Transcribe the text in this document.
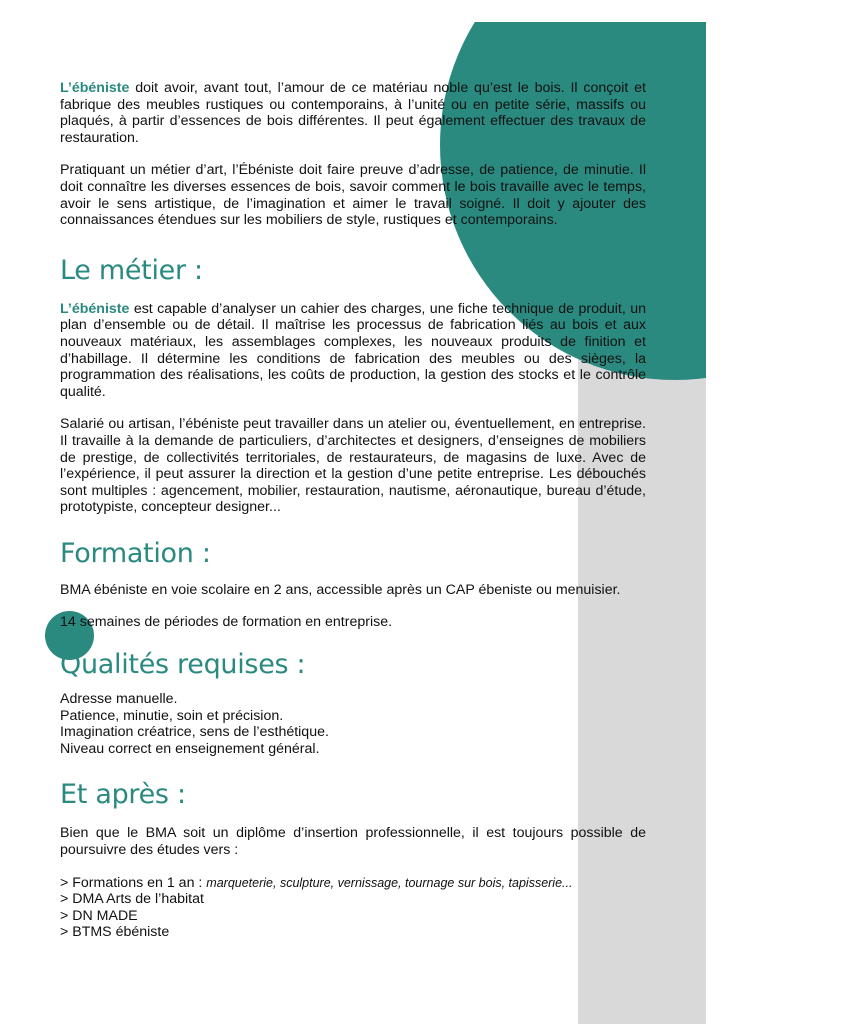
L’ébéniste doit avoir, avant tout, l’amour de ce matériau noble qu’est le bois. Il conçoit et fabrique des meubles rustiques ou contemporains, à l’unité ou en petite série, massifs ou plaqués, à partir d’essences de bois différentes. Il peut également effectuer des travaux de restauration.

Pratiquant un métier d’art, l’Ébéniste doit faire preuve d’adresse, de patience, de minutie. Il doit connaître les diverses essences de bois, savoir comment le bois travaille avec le temps, avoir le sens artistique, de l’imagination et aimer le travail soigné. Il doit y ajouter des connaissances étendues sur les mobiliers de style, rustiques et contemporains.

Le métier :

L’ébéniste est capable d’analyser un cahier des charges, une fiche technique de produit, un plan d’ensemble ou de détail. Il maîtrise les processus de fabrication liés au bois et aux nouveaux matériaux, les assemblages complexes, les nouveaux produits de finition et d’habillage. Il détermine les conditions de fabrication des meubles ou des sièges, la programmation des réalisations, les coûts de production, la gestion des stocks et le contrôle qualité.

Salarié ou artisan, l’ébéniste peut travailler dans un atelier ou, éventuellement, en entreprise. Il travaille à la demande de particuliers, d’architectes et designers, d’enseignes de mobiliers de prestige, de collectivités territoriales, de restaurateurs, de magasins de luxe. Avec de l’expérience, il peut assurer la direction et la gestion d’une petite entreprise. Les débouchés sont multiples : agencement, mobilier, restauration, nautisme, aéronautique, bureau d’étude, prototypiste, concepteur designer...

Formation :

BMA ébéniste en voie scolaire en 2 ans, accessible après un CAP ébeniste ou menuisier.

14 semaines de périodes de formation en entreprise.

Qualités requises :
Adresse manuelle.
Patience, minutie, soin et précision.
Imagination créatrice, sens de l’esthétique.
Niveau correct en enseignement général.
Et après :

Bien que le BMA soit un diplôme d’insertion professionnelle, il est toujours possible de poursuivre des études vers :

> Formations en 1 an : marqueterie, sculpture, vernissage, tournage sur bois, tapisserie...
> DMA Arts de l’habitat
> DN MADE
> BTMS ébéniste
